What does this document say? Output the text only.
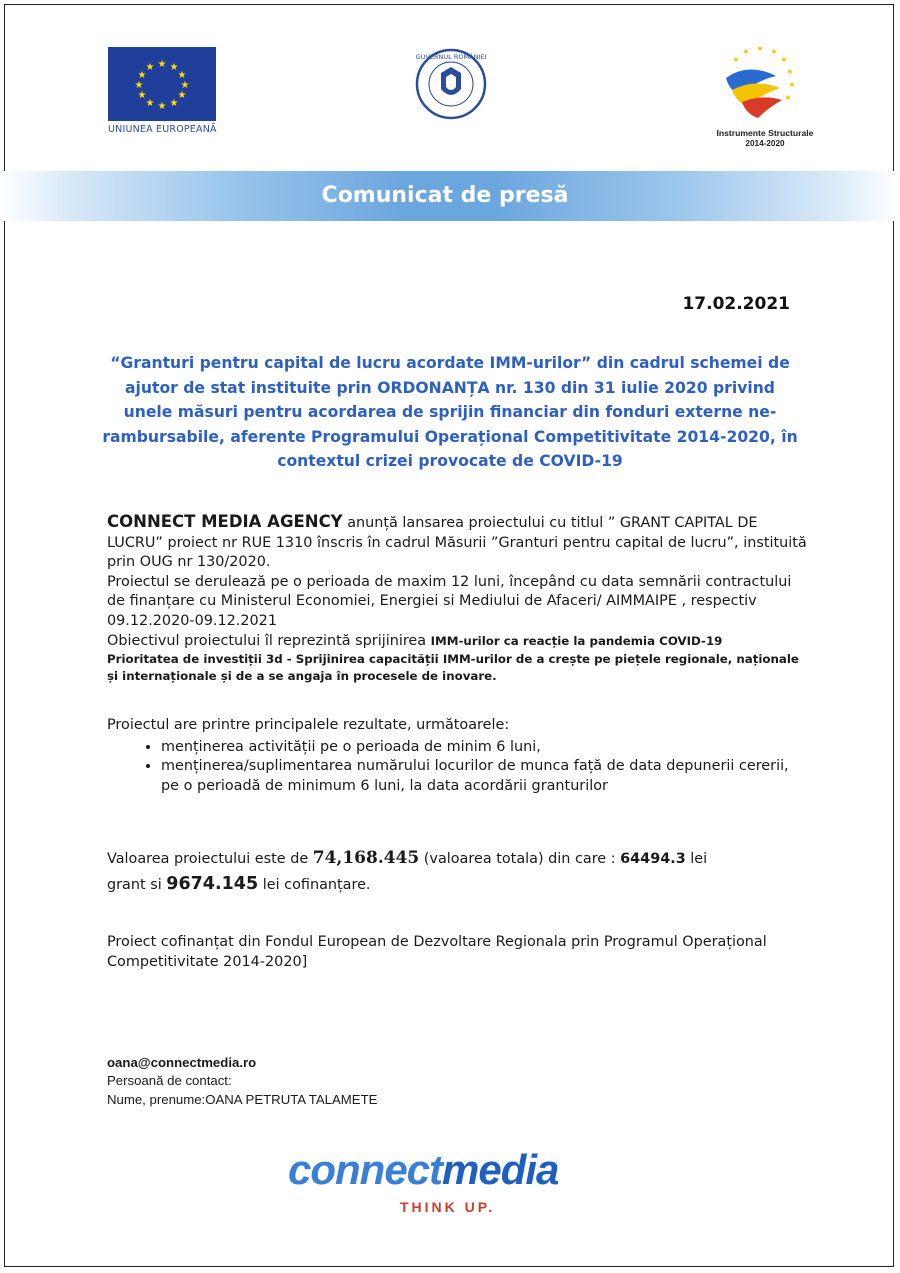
★ ★
★
★
★
★
★
★
★
★
★
★
UNIUNEA EUROPEANĂ
GUVERNUL ROMÂNIEI
★ ★
★
★
★
★
★
★
Instrumente Structurale
2014-2020
Comunicat de presă
17.02.2021
“Granturi pentru capital de lucru acordate IMM-urilor” din cadrul schemei de ajutor de stat instituite prin ORDONANȚA nr. 130 din 31 iulie 2020 privind unele măsuri pentru acordarea de sprijin financiar din fonduri externe ne-rambursabile, aferente Programului Operațional Competitivitate 2014-2020, în contextul crizei provocate de COVID-19

CONNECT MEDIA AGENCY anunță lansarea proiectului cu titlul ” GRANT CAPITAL DE LUCRU” proiect nr RUE 1310 înscris în cadrul Măsurii ”Granturi pentru capital de lucru”, instituită prin OUG nr 130/2020.

Proiectul se derulează pe o perioada de maxim 12 luni, începând cu data semnării contractului de finanțare cu Ministerul Economiei, Energiei si Mediului de Afaceri/ AIMMAIPE , respectiv 09.12.2020-09.12.2021

Obiectivul proiectului îl reprezintă sprijinirea IMM-urilor ca reacție la pandemia COVID-19

Prioritatea de investiții 3d - Sprijinirea capacității IMM-urilor de a crește pe piețele regionale, naționale și internaționale și de a se angaja în procesele de inovare.

Proiectul are printre principalele rezultate, următoarele:
• menținerea activității pe o perioada de minim 6 luni,
• menținerea/suplimentarea numărului locurilor de munca față de data depunerii cererii, pe o perioadă de minimum 6 luni, la data acordării granturilor
Valoarea proiectului este de 74,168.445 (valoarea totala) din care : 64494.3 lei
grant si 9674.145 lei cofinanțare.
Proiect cofinanțat din Fondul European de Dezvoltare Regionala prin Programul Operațional Competitivitate 2014-2020]
oana@connectmedia.ro
Persoană de contact:
Nume, prenume:OANA PETRUTA TALAMETE
connectmedia
THINK UP.
